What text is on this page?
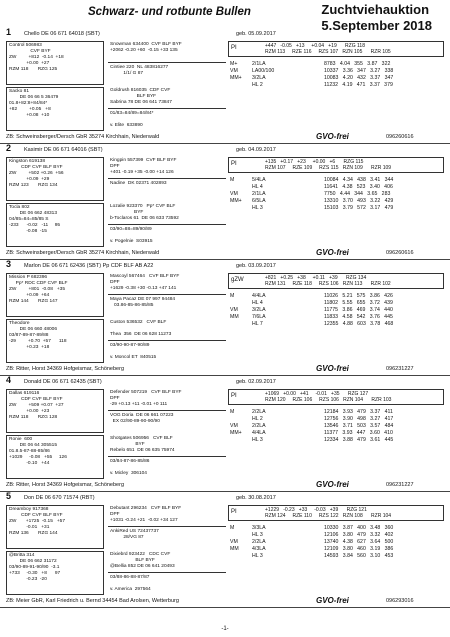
Schwarz- und rotbunte Bullen	Zuchtviehauktion
5.September 2018
1 Chello DE 06 671 64018 (SBT)	geb. 05.09.2017
Control 506983
CVF BYF
ZW         +812  -0.14  +18
+0.00  +27
RZM 118       RZG 125
Sacko 81
DE 06 66 5 36479
01.8+82:8+84/84*
+82         +0.05   +8
+0.08  +10
Snowman 634400  CVF BLF BYF
+2062 -0.20 +60  -0.15 +33 135
Cintiee 220  NL 483816277
1/1/ G 87
Goldrush 816035  CDF CVF
BLF BYF
Sabrina 78 DE 06 641 73847
01/83=84/89=84/84*

v. Elite  633890
PI	+447   -0.05   +13     +0.04   +19      RZG 118
RZM 113     RZE 116     RZS 107   RZN 105      RZR 105
M+	2/1LA	8783   4.04   355   3.87   322
VM	LA00/100	10337   3.36   347   3.27   338
MM+	3/2LA	10083   4.20   432   3.37   347
HL 2	11232   4.19   471   3.37   379
ZB: Schweinsberger/Dersch GbR 35274 Kirchhain, Niederwald	GVO-frei	096260616
2 Kasimir DE 06 671 64016 (SBT)	geb. 04.09.2017
Kingston 619138
CDF CVF BLF BYF
ZW         +502 +0.26  +56
+0.09  +29
RZM 123       RZG 134
Tocla 802
DE 06 662 48313
04/85=84=85/85 S
-233      -0.02   -11     95
-0.08  -15
Kingpin 557399  CVF BLF BYF
DPF
+401 -0.19 +35 -0.00 +14 126
Nadine  DK 02371 402893
Lozalie 923370   Pp* CVF BLF
BYF
b-Toclaros 61  DE 06 633 73592
03/90=88=89/90/89

v. Pogelnie  S03915
PI	+135   +0.17   +23     +0.00   +6      RZG 115
RZM 107     RZE 109     RZS 115   RZN 109      RZR 109
M	5/4LA	10084   4.34   438   3.41   344
HL 4	11641   4.38   523   3.40   406
VM	2/1LA	7750   4.44   344   3.65   283
MM+	6/5LA	13310   3.70   493   3.22   429
HL 3	15103   3.79   572   3.17   479
ZB: Schweinsberger/Dersch GbR 35274 Kirchhain, Niederwald	GVO-frei	096260616
3 Marlon DE 06 671 62436 (SBT) Pp CDF BLF AB A22	geb. 03.09.2017
Mission P 682396
Pp* RDC CDF CVF BLF
ZW         +801  -0.08   +35
+0.09  +64
RZM 144       RZG 147
Theodore
DE 06 660 48006
03/87-89-87-89/88
-29         +0.70  +57      118
+0.23  +18
Mascoyl 567464   CVF BLF BYF
DPF
+1629 -0.38 +30 -0.13 +47 141
Maya Pacaz DE 07 997 94484
03.86-85-86-85/85
Custon 536532   CVF BLF

Thea  356  DE 06 628 11273
03/90-90-87-90/89

v. Moncol ET  840515
gZW	+821   +0.25   +38     +0.11   +39      RZG 134
RZM 131     RZE 118     RZS 106   RZN 113      RZR 102
M	4/4LA	11026   5.21   575   3.86   426
HL 4	11802   5.55   655   3.72   439
VM	3/2LA	11775   3.86   469   3.74   440
MM	7/6LA	11833   4.58   542   3.76   445
HL 7	12355   4.88   603   3.78   468
ZB: Ritter, Horst 34369 Hofgeismar, Schöneberg	GVO-frei	096231227
4 Donald DE 06 671 62435 (SBT)	geb. 02.09.2017
Dallas 619116
CDF CVF BLF BYF
ZW         +509 +0.07  +27
+0.00  +23
RZM 118       RZG 128
Ronie  600
DE 06 64 305515
01.8.5-87-88-85/86
+1029     -0.08   +55     126
-0.10   +44
Defender 507219   CVF BLF BYF
DPF
-29 +0.13 +11 -0.01 +0 111
VOG Doria  DE 06 661 07223
EX 02/90-89-90-90/90
Shotgates 506956   CVF BLF
BYF
Rebelo 651  DE 06 635 75974
03/84-87-86-85/86

v. Micley  306104
PI	+1069   +0.00   +41     -0.01   +35      RZG 127
RZM 120     RZE 106     RZS 106   RZN 104      RZR 103
M	2/2LA	12184   3.93   479   3.37   411
HL 2	12756   3.90   498   3.27   417
VM	2/2LA	13546   3.71   503   3.57   484
MM+	4/4LA	11377   3.93   447   3.60   410
HL 3	12334   3.88   479   3.61   445
ZB: Ritter, Horst 34369 Hofgeismar, Schöneberg	GVO-frei	096231227
5 Don DE 06 670 71574 (RBT)	geb. 30.08.2017
Dreamboy 917368
CDF CVF BLF BYF
ZW       +1725  -0.15   +57
-0.01   +31
RZM 136       RZG 144
@Britta 314
DE 06 662 31172
03/90-89-91-90/90  -3.1
+733     -0.30   +8      97
-0.23  -20
Debutant 296234   CVF BLF BYF
DPF
+1031 -0.24 +21  -0.02 +34 127
AnkiRed US 72437737
28/VG 87
Dixiebrd 923422   CDC CVF
BLF BYF
@Bellia 852 DE 06 641 20493
03/88-86-88-87/87

v. America  297564
PI	+1229   -0.23   +33     -0.03   +39      RZG 121
RZM 124     RZE 110     RZS 122   RZN 108      RZR 104
M	3/3LA	10330   3.87   400   3.48   360
HL 3	12106   3.80   479   3.32   402
VM	2/2LA	13740   4.38   627   3.64   500
MM	4/3LA	12109   3.80   460   3.19   386
HL 3	14593   3.84   560   3.10   453
ZB: Meier GbR, Karl Friedrich u. Bernd 34454 Bad Arolsen, Wetterburg	GVO-frei	096293016
-1-
